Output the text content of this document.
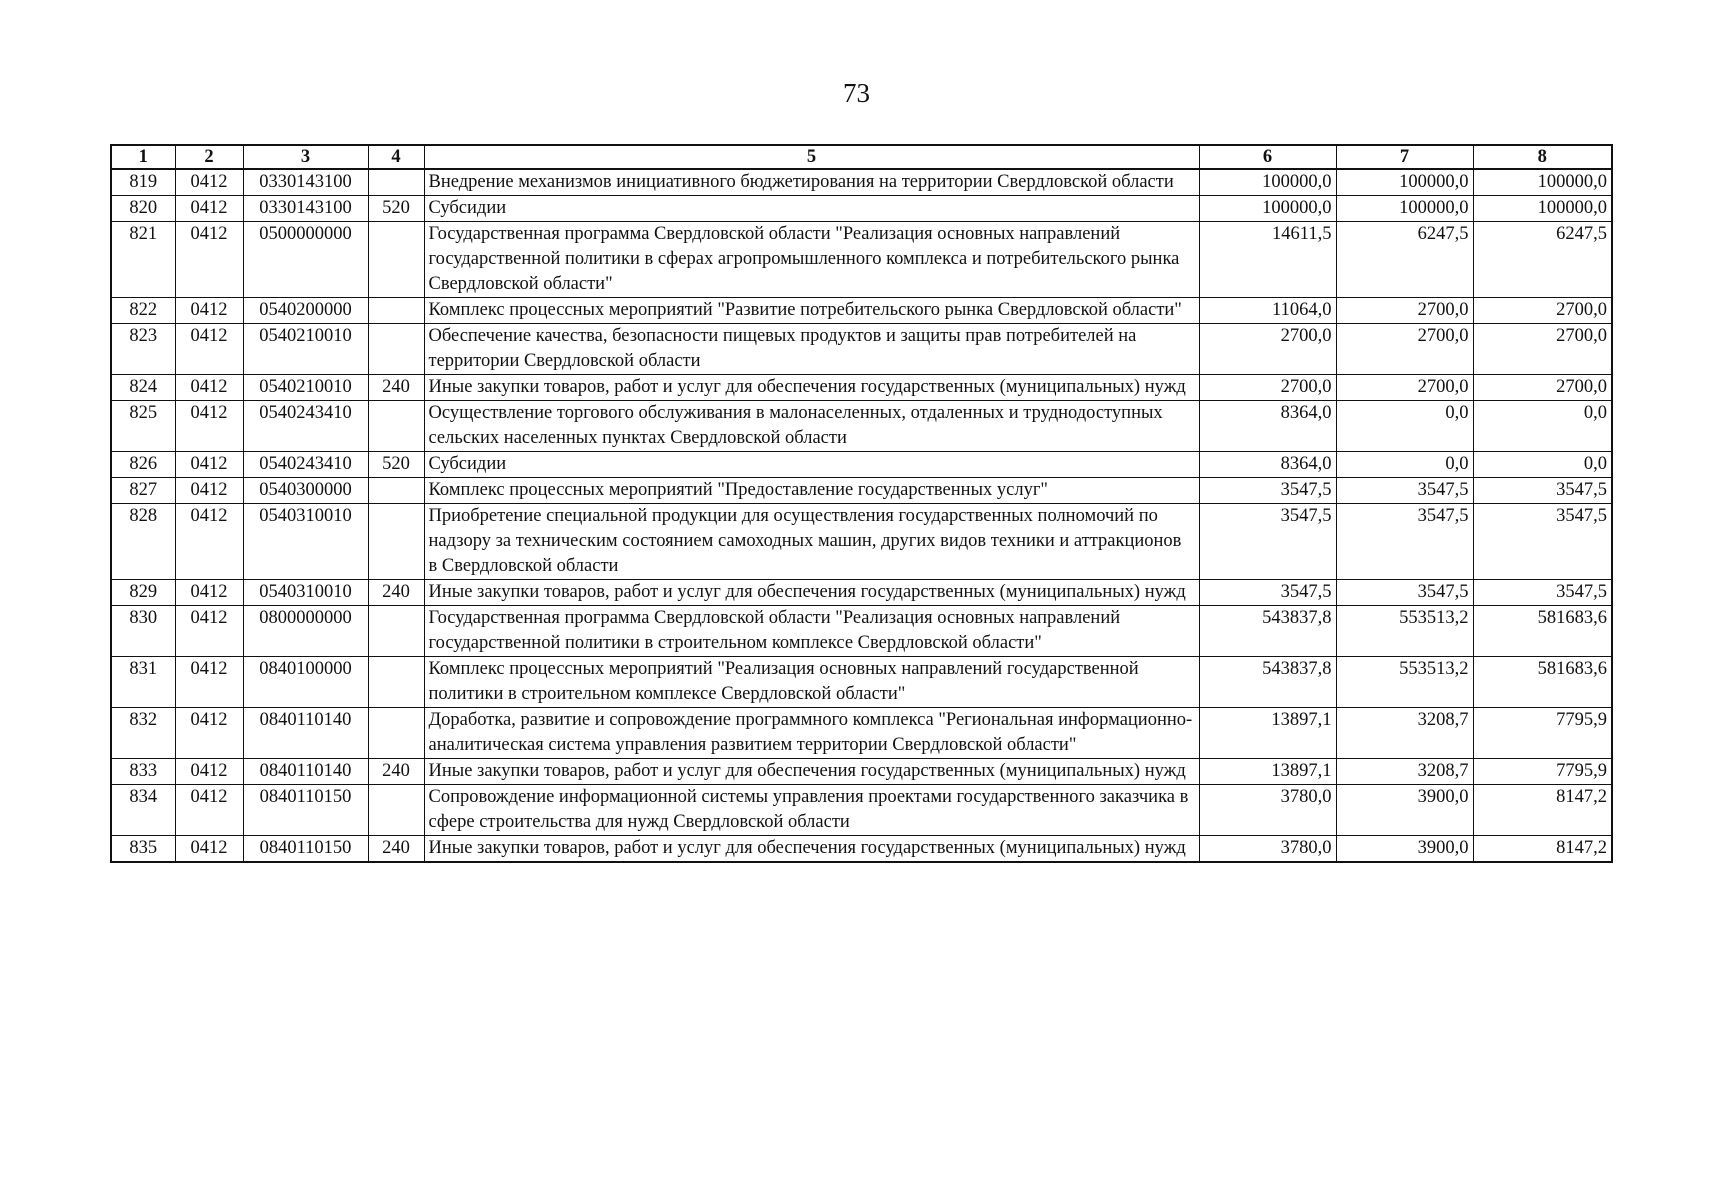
73
1	2	3	4	5	6	7	8
819	0412	0330143100		Внедрение механизмов инициативного бюджетирования на территории Свердловской области	100000,0	100000,0	100000,0
820	0412	0330143100	520	Субсидии	100000,0	100000,0	100000,0
821	0412	0500000000		Государственная программа Свердловской области "Реализация основных направлений государственной политики в сферах агропромышленного комплекса и потребительского рынка Свердловской области"	14611,5	6247,5	6247,5
822	0412	0540200000		Комплекс процессных мероприятий "Развитие потребительского рынка Свердловской области"	11064,0	2700,0	2700,0
823	0412	0540210010		Обеспечение качества, безопасности пищевых продуктов и защиты прав потребителей на территории Свердловской области	2700,0	2700,0	2700,0
824	0412	0540210010	240	Иные закупки товаров, работ и услуг для обеспечения государственных (муниципальных) нужд	2700,0	2700,0	2700,0
825	0412	0540243410		Осуществление торгового обслуживания в малонаселенных, отдаленных и труднодоступных сельских населенных пунктах Свердловской области	8364,0	0,0	0,0
826	0412	0540243410	520	Субсидии	8364,0	0,0	0,0
827	0412	0540300000		Комплекс процессных мероприятий "Предоставление государственных услуг"	3547,5	3547,5	3547,5
828	0412	0540310010		Приобретение специальной продукции для осуществления государственных полномочий по надзору за техническим состоянием самоходных машин, других видов техники и аттракционов в Свердловской области	3547,5	3547,5	3547,5
829	0412	0540310010	240	Иные закупки товаров, работ и услуг для обеспечения государственных (муниципальных) нужд	3547,5	3547,5	3547,5
830	0412	0800000000		Государственная программа Свердловской области "Реализация основных направлений государственной политики в строительном комплексе Свердловской области"	543837,8	553513,2	581683,6
831	0412	0840100000		Комплекс процессных мероприятий "Реализация основных направлений государственной политики в строительном комплексе Свердловской области"	543837,8	553513,2	581683,6
832	0412	0840110140		Доработка, развитие и сопровождение программного комплекса "Региональная информационно-аналитическая система управления развитием территории Свердловской области"	13897,1	3208,7	7795,9
833	0412	0840110140	240	Иные закупки товаров, работ и услуг для обеспечения государственных (муниципальных) нужд	13897,1	3208,7	7795,9
834	0412	0840110150		Сопровождение информационной системы управления проектами государственного заказчика в сфере строительства для нужд Свердловской области	3780,0	3900,0	8147,2
835	0412	0840110150	240	Иные закупки товаров, работ и услуг для обеспечения государственных (муниципальных) нужд	3780,0	3900,0	8147,2
